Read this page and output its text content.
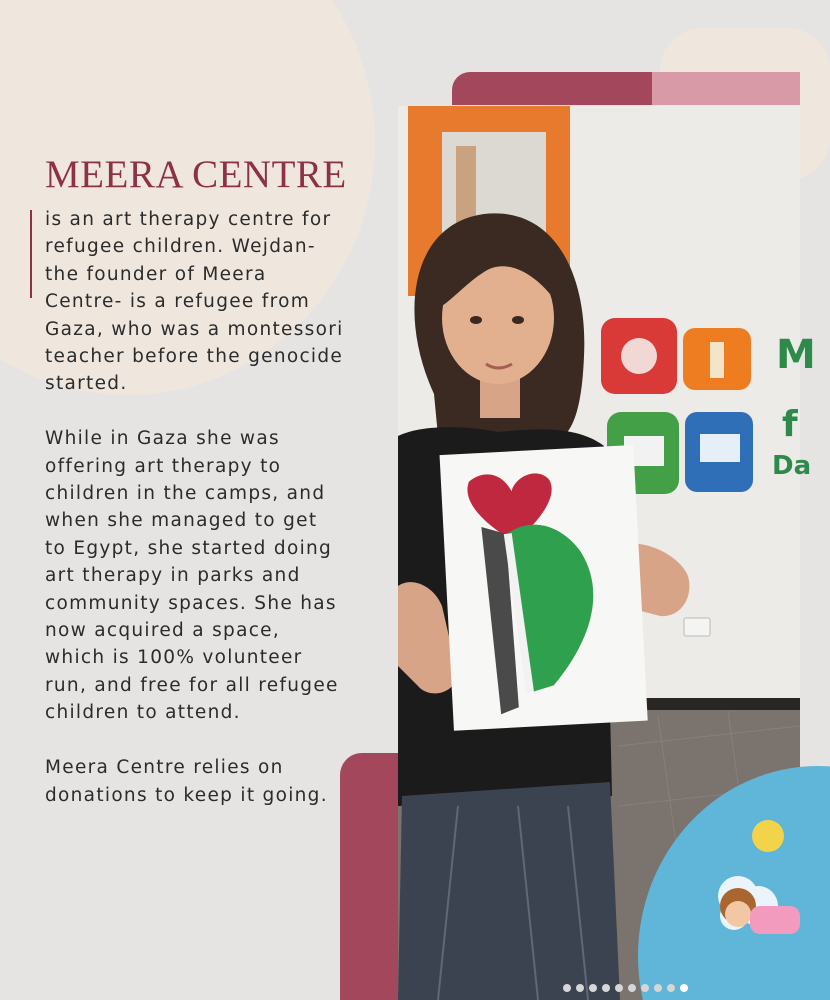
MEERA CENTRE

is an art therapy centre for refugee children. Wejdan- the founder of Meera Centre- is a refugee from Gaza, who was a montessori teacher before the genocide started.

While in Gaza she was offering art therapy to children in the camps, and when she managed to get to Egypt, she started doing art therapy in parks and community spaces. She has now acquired a space, which is 100% volunteer run, and free for all refugee children to attend.

Meera Centre relies on donations to keep it going.

M
f
Da
